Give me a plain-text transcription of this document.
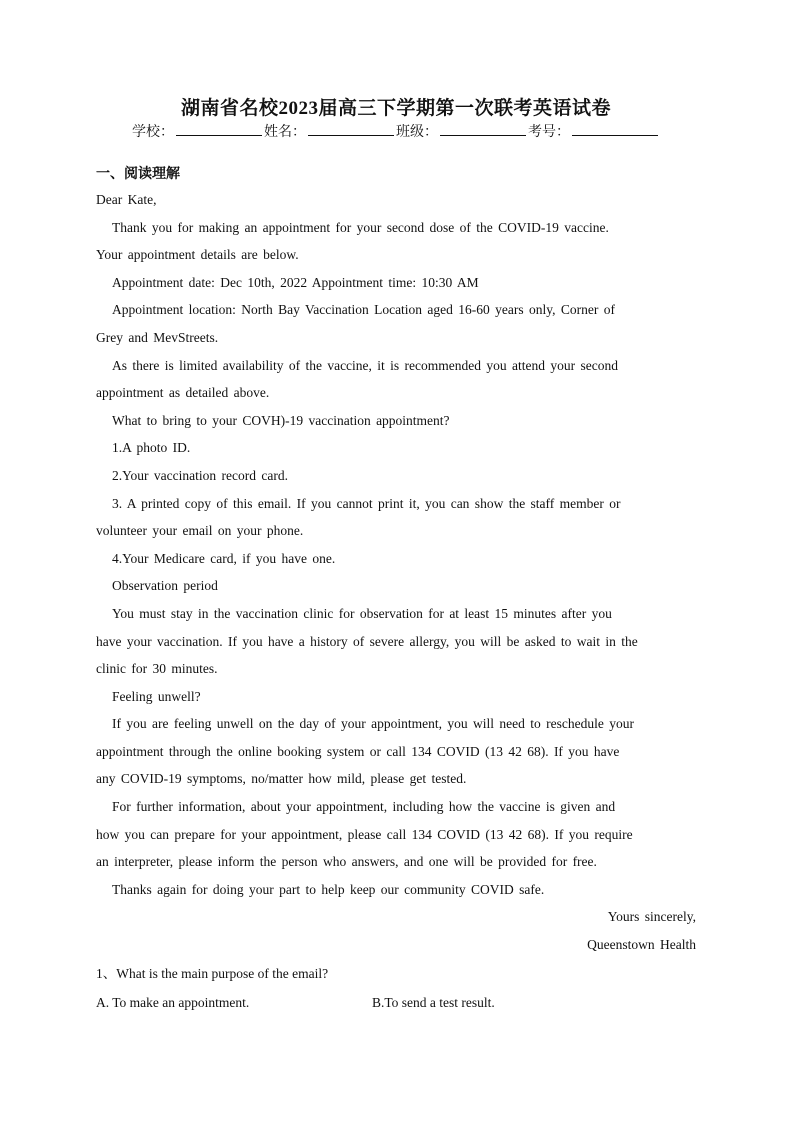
湖南省名校2023届高三下学期第一次联考英语试卷
学校：	姓名：	班级：	考号：
一、阅读理解

Dear Kate,

Thank you for making an appointment for your second dose of the COVID-19 vaccine.

Your appointment details are below.

Appointment date: Dec 10th, 2022 Appointment time: 10:30 AM

Appointment location: North Bay Vaccination Location aged 16-60 years only, Corner of

Grey and MevStreets.

As there is limited availability of the vaccine, it is recommended you attend your second

appointment as detailed above.

What to bring to your COVH)-19 vaccination appointment?

1.A photo ID.

2.Your vaccination record card.

3. A printed copy of this email. If you cannot print it, you can show the staff member or

volunteer your email on your phone.

4.Your Medicare card, if you have one.

Observation period

You must stay in the vaccination clinic for observation for at least 15 minutes after you

have your vaccination. If you have a history of severe allergy, you will be asked to wait in the

clinic for 30 minutes.

Feeling unwell?

If you are feeling unwell on the day of your appointment, you will need to reschedule your

appointment through the online booking system or call 134 COVID (13 42 68). If you have

any COVID-19 symptoms, no/matter how mild, please get tested.

For further information, about your appointment, including how the vaccine is given and

how you can prepare for your appointment, please call 134 COVID (13 42 68). If you require

an interpreter, please inform the person who answers, and one will be provided for free.

Thanks again for doing your part to help keep our community COVID safe.

Yours sincerely,

Queenstown Health

1、What is the main purpose of the email?

A. To make an appointment.	B.To send a test result.
